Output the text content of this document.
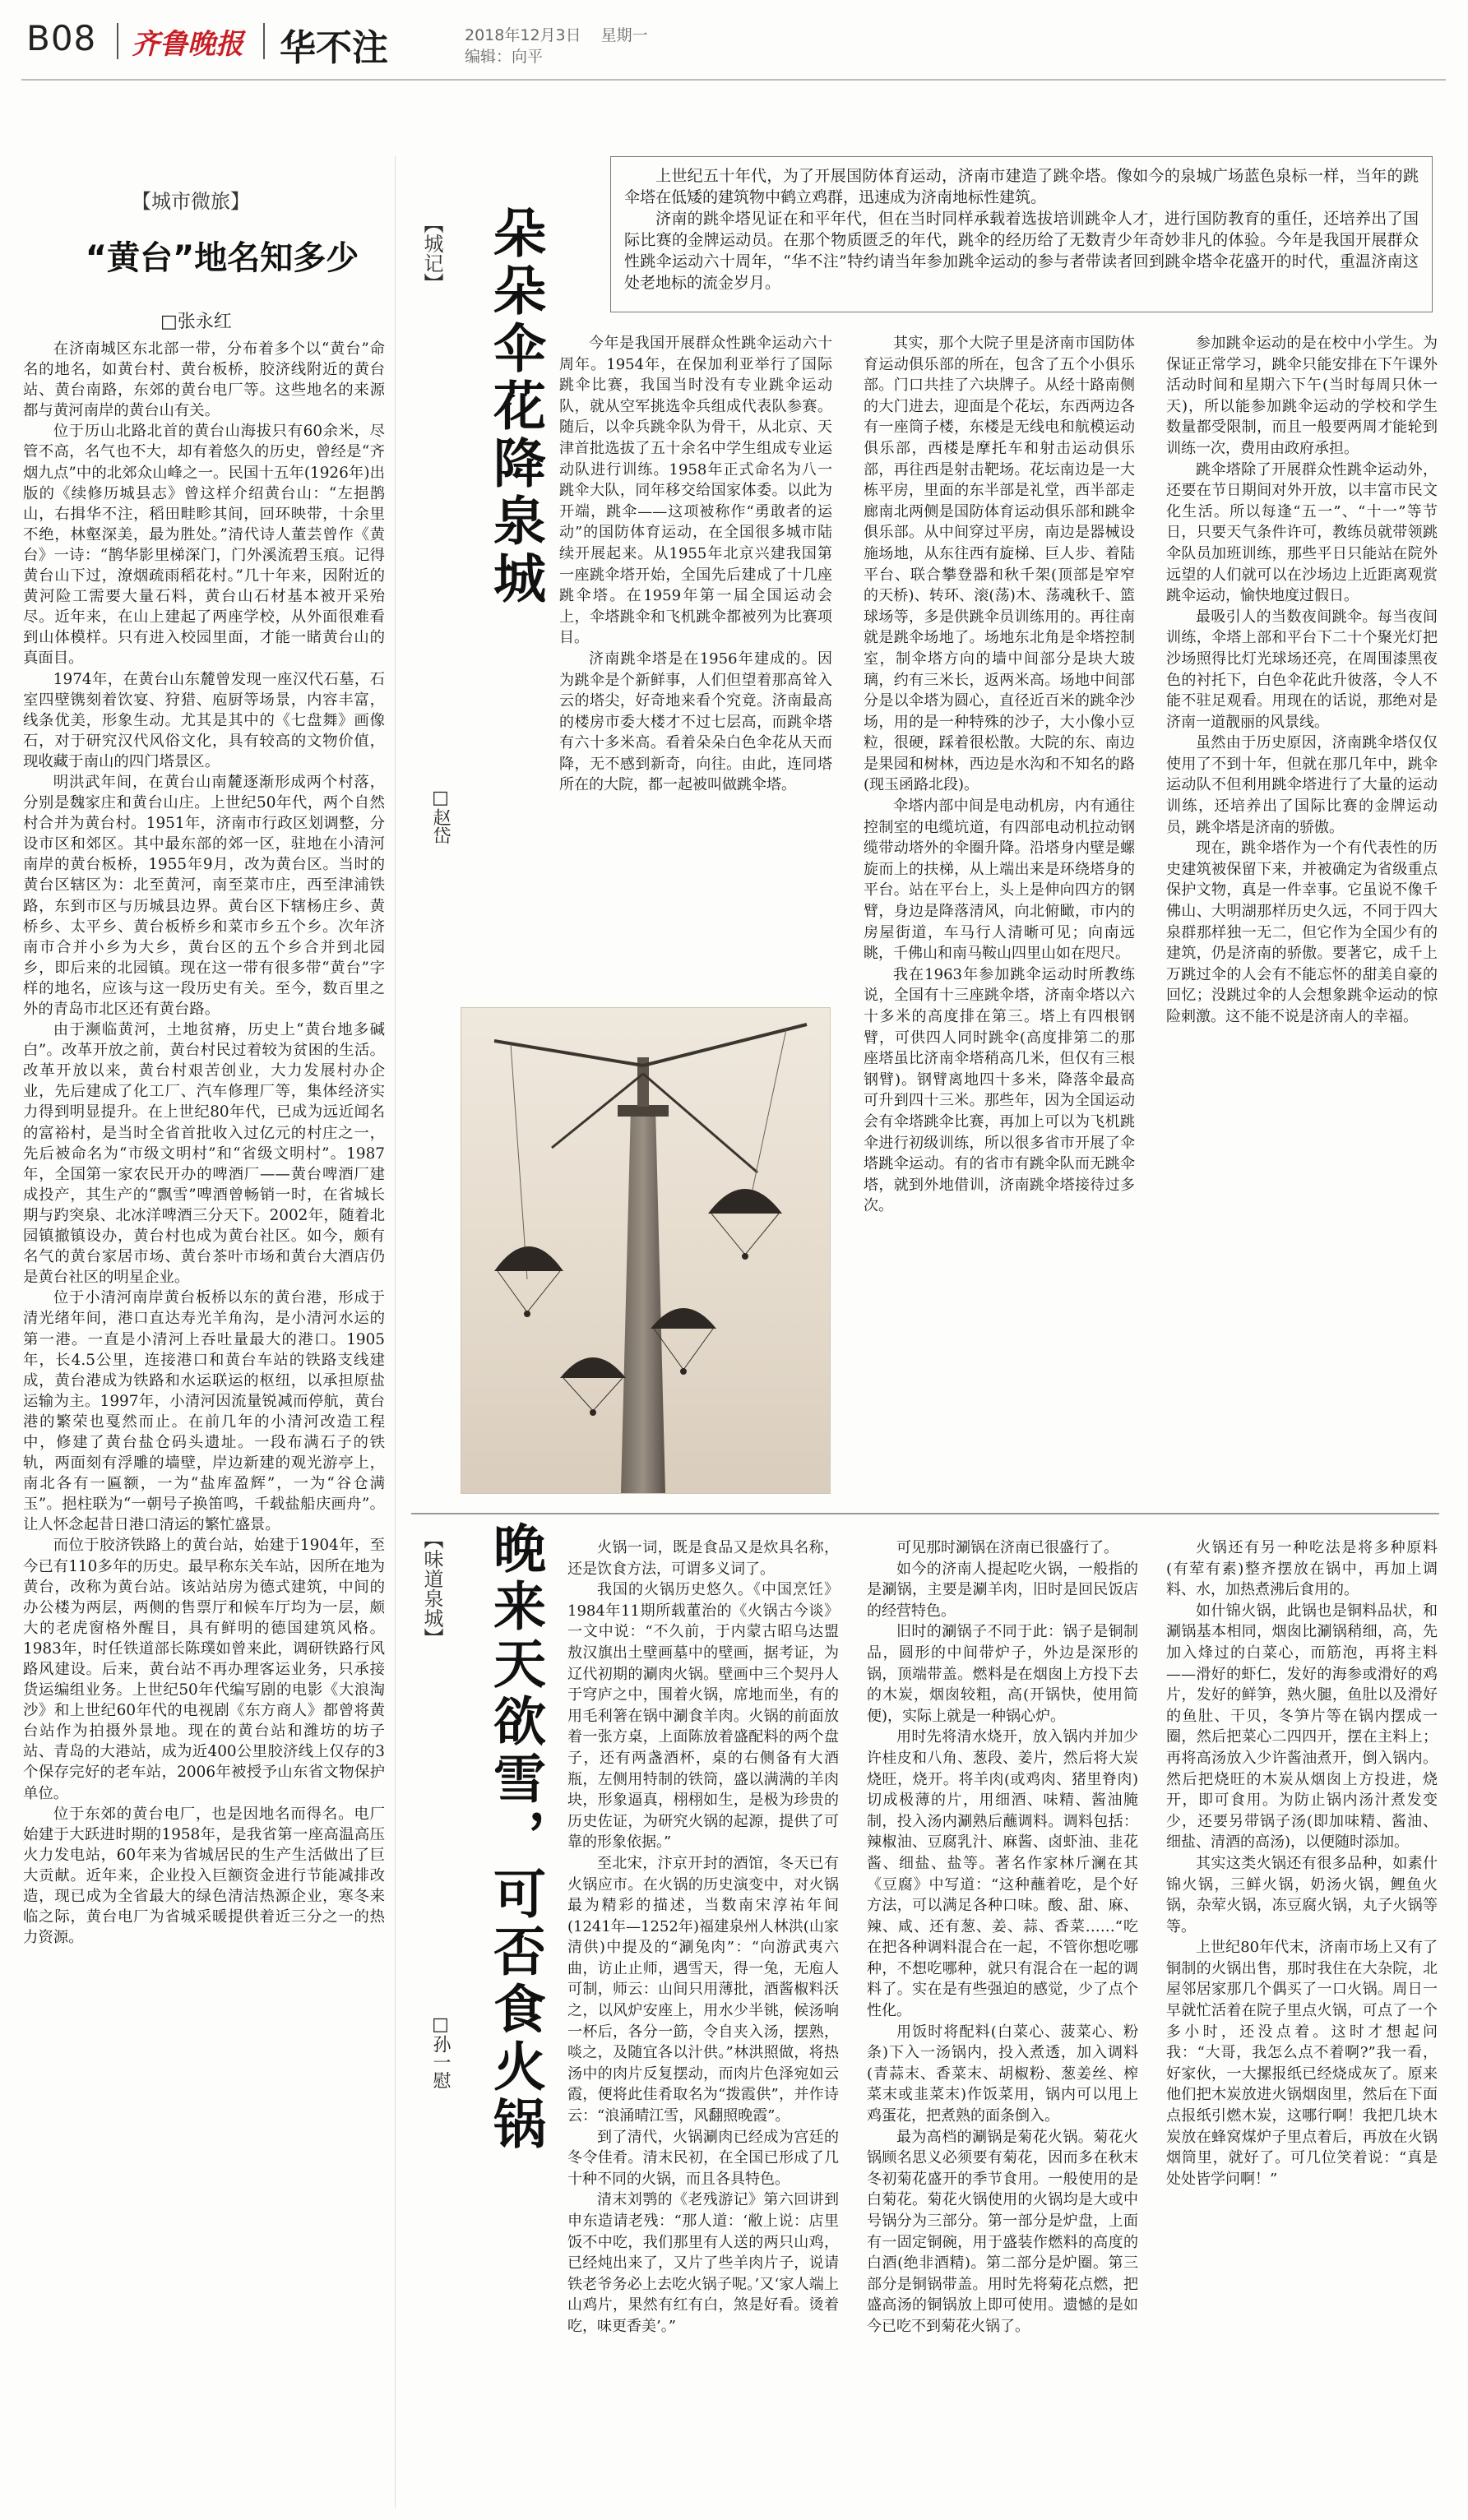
B08 齐鲁晚报 华不注	2018年12月3日 星期一
编辑：向平
【城市微旅】
“黄台”地名知多少
□张永红

在济南城区东北部一带，分布着多个以“黄台”命名的地名，如黄台村、黄台板桥，胶济线附近的黄台站、黄台南路，东郊的黄台电厂等。这些地名的来源都与黄河南岸的黄台山有关。

位于历山北路北首的黄台山海拔只有60余米，尽管不高，名气也不大，却有着悠久的历史，曾经是“齐烟九点”中的北郊众山峰之一。民国十五年(1926年)出版的《续修历城县志》曾这样介绍黄台山：“左挹鹊山，右揖华不注，稻田畦畛其间，回环映带，十余里不绝，林壑深美，最为胜处。”清代诗人董芸曾作《黄台》一诗：“鹊华影里梯深门，门外溪流碧玉痕。记得黄台山下过，潦烟疏雨稻花村。”几十年来，因附近的黄河险工需要大量石料，黄台山石材基本被开采殆尽。近年来，在山上建起了两座学校，从外面很难看到山体模样。只有进入校园里面，才能一睹黄台山的真面目。

1974年，在黄台山东麓曾发现一座汉代石墓，石室四壁镌刻着饮宴、狩猎、庖厨等场景，内容丰富，线条优美，形象生动。尤其是其中的《七盘舞》画像石，对于研究汉代风俗文化，具有较高的文物价值，现收藏于南山的四门塔景区。

明洪武年间，在黄台山南麓逐渐形成两个村落，分别是魏家庄和黄台山庄。上世纪50年代，两个自然村合并为黄台村。1951年，济南市行政区划调整，分设市区和郊区。其中最东部的郊一区，驻地在小清河南岸的黄台板桥，1955年9月，改为黄台区。当时的黄台区辖区为：北至黄河，南至菜市庄，西至津浦铁路，东到市区与历城县边界。黄台区下辖杨庄乡、黄桥乡、太平乡、黄台板桥乡和菜市乡五个乡。次年济南市合并小乡为大乡，黄台区的五个乡合并到北园乡，即后来的北园镇。现在这一带有很多带“黄台”字样的地名，应该与这一段历史有关。至今，数百里之外的青岛市北区还有黄台路。

由于濒临黄河，土地贫瘠，历史上“黄台地多碱白”。改革开放之前，黄台村民过着较为贫困的生活。改革开放以来，黄台村艰苦创业，大力发展村办企业，先后建成了化工厂、汽车修理厂等，集体经济实力得到明显提升。在上世纪80年代，已成为远近闻名的富裕村，是当时全省首批收入过亿元的村庄之一，先后被命名为“市级文明村”和“省级文明村”。1987年，全国第一家农民开办的啤酒厂——黄台啤酒厂建成投产，其生产的“飘雪”啤酒曾畅销一时，在省城长期与趵突泉、北冰洋啤酒三分天下。2002年，随着北园镇撤镇设办，黄台村也成为黄台社区。如今，颇有名气的黄台家居市场、黄台茶叶市场和黄台大酒店仍是黄台社区的明星企业。

位于小清河南岸黄台板桥以东的黄台港，形成于清光绪年间，港口直达寿光羊角沟，是小清河水运的第一港。一直是小清河上吞吐量最大的港口。1905年，长4.5公里，连接港口和黄台车站的铁路支线建成，黄台港成为铁路和水运联运的枢纽，以承担原盐运输为主。1997年，小清河因流量锐减而停航，黄台港的繁荣也戛然而止。在前几年的小清河改造工程中，修建了黄台盐仓码头遗址。一段布满石子的铁轨，两面刻有浮雕的墙壁，岸边新建的观光游亭上，南北各有一匾额，一为“盐库盈辉”，一为“谷仓满玉”。挹柱联为“一朝号子换笛鸣，千载盐船庆画舟”。让人怀念起昔日港口清运的繁忙盛景。

而位于胶济铁路上的黄台站，始建于1904年，至今已有110多年的历史。最早称东关车站，因所在地为黄台，改称为黄台站。该站站房为德式建筑，中间的办公楼为两层，两侧的售票厅和候车厅均为一层，颇大的老虎窗格外醒目，具有鲜明的德国建筑风格。1983年，时任铁道部长陈璞如曾来此，调研铁路行风路风建设。后来，黄台站不再办理客运业务，只承接货运编组业务。上世纪50年代编写剧的电影《大浪淘沙》和上世纪60年代的电视剧《东方商人》都曾将黄台站作为拍摄外景地。现在的黄台站和潍坊的坊子站、青岛的大港站，成为近400公里胶济线上仅存的3个保存完好的老车站，2006年被授予山东省文物保护单位。

位于东郊的黄台电厂，也是因地名而得名。电厂始建于大跃进时期的1958年，是我省第一座高温高压火力发电站，60年来为省城居民的生产生活做出了巨大贡献。近年来，企业投入巨额资金进行节能减排改造，现已成为全省最大的绿色清洁热源企业，寒冬来临之际，黄台电厂为省城采暖提供着近三分之一的热力资源。

上世纪五十年代，为了开展国防体育运动，济南市建造了跳伞塔。像如今的泉城广场蓝色泉标一样，当年的跳伞塔在低矮的建筑物中鹤立鸡群，迅速成为济南地标性建筑。

济南的跳伞塔见证在和平年代，但在当时同样承载着选拔培训跳伞人才，进行国防教育的重任，还培养出了国际比赛的金牌运动员。在那个物质匮乏的年代，跳伞的经历给了无数青少年奇妙非凡的体验。今年是我国开展群众性跳伞运动六十周年，“华不注”特约请当年参加跳伞运动的参与者带读者回到跳伞塔伞花盛开的时代，重温济南这处老地标的流金岁月。

【城记】 朵朵伞花降泉城
□赵岱

今年是我国开展群众性跳伞运动六十周年。1954年，在保加利亚举行了国际跳伞比赛，我国当时没有专业跳伞运动队，就从空军挑选伞兵组成代表队参赛。随后，以伞兵跳伞队为骨干，从北京、天津首批选拔了五十余名中学生组成专业运动队进行训练。1958年正式命名为八一跳伞大队，同年移交给国家体委。以此为开端，跳伞——这项被称作“勇敢者的运动”的国防体育运动，在全国很多城市陆续开展起来。从1955年北京兴建我国第一座跳伞塔开始，全国先后建成了十几座跳伞塔。在1959年第一届全国运动会上，伞塔跳伞和飞机跳伞都被列为比赛项目。

济南跳伞塔是在1956年建成的。因为跳伞是个新鲜事，人们但望着那高耸入云的塔尖，好奇地来看个究竟。济南最高的楼房市委大楼才不过七层高，而跳伞塔有六十多米高。看着朵朵白色伞花从天而降，无不感到新奇，向往。由此，连同塔所在的大院，都一起被叫做跳伞塔。

其实，那个大院子里是济南市国防体育运动俱乐部的所在，包含了五个小俱乐部。门口共挂了六块牌子。从经十路南侧的大门进去，迎面是个花坛，东西两边各有一座筒子楼，东楼是无线电和航模运动俱乐部，西楼是摩托车和射击运动俱乐部，再往西是射击靶场。花坛南边是一大栋平房，里面的东半部是礼堂，西半部走廊南北两侧是国防体育运动俱乐部和跳伞俱乐部。从中间穿过平房，南边是器械设施场地，从东往西有旋梯、巨人步、着陆平台、联合攀登器和秋千架(顶部是窄窄的天桥)、转环、滚(荡)木、荡魂秋千、篮球场等，多是供跳伞员训练用的。再往南就是跳伞场地了。场地东北角是伞塔控制室，制伞塔方向的墙中间部分是块大玻璃，约有三米长，返两米高。场地中间部分是以伞塔为圆心，直径近百米的跳伞沙场，用的是一种特殊的沙子，大小像小豆粒，很硬，踩着很松散。大院的东、南边是果园和树林，西边是水沟和不知名的路(现玉函路北段)。

伞塔内部中间是电动机房，内有通往控制室的电缆坑道，有四部电动机拉动钢缆带动塔外的伞圈升降。沿塔身内壁是螺旋而上的扶梯，从上端出来是环绕塔身的平台。站在平台上，头上是伸向四方的钢臂，身边是降落清风，向北俯瞰，市内的房屋街道，车马行人清晰可见；向南远眺，千佛山和南马鞍山四里山如在咫尺。

我在1963年参加跳伞运动时所教练说，全国有十三座跳伞塔，济南伞塔以六十多米的高度排在第三。塔上有四根钢臂，可供四人同时跳伞(高度排第二的那座塔虽比济南伞塔稍高几米，但仅有三根钢臂)。钢臂离地四十多米，降落伞最高可升到四十三米。那些年，因为全国运动会有伞塔跳伞比赛，再加上可以为飞机跳伞进行初级训练，所以很多省市开展了伞塔跳伞运动。有的省市有跳伞队而无跳伞塔，就到外地借训，济南跳伞塔接待过多次。

参加跳伞运动的是在校中小学生。为保证正常学习，跳伞只能安排在下午课外活动时间和星期六下午(当时每周只休一天)，所以能参加跳伞运动的学校和学生数量都受限制，而且一般要两周才能轮到训练一次，费用由政府承担。

跳伞塔除了开展群众性跳伞运动外，还要在节日期间对外开放，以丰富市民文化生活。所以每逢“五一”、“十一”等节日，只要天气条件许可，教练员就带领跳伞队员加班训练，那些平日只能站在院外远望的人们就可以在沙场边上近距离观赏跳伞运动，愉快地度过假日。

最吸引人的当数夜间跳伞。每当夜间训练，伞塔上部和平台下二十个聚光灯把沙场照得比灯光球场还亮，在周围漆黑夜色的衬托下，白色伞花此升彼落，令人不能不驻足观看。用现在的话说，那绝对是济南一道靓丽的风景线。

虽然由于历史原因，济南跳伞塔仅仅使用了不到十年，但就在那几年中，跳伞运动队不但利用跳伞塔进行了大量的运动训练，还培养出了国际比赛的金牌运动员，跳伞塔是济南的骄傲。

现在，跳伞塔作为一个有代表性的历史建筑被保留下来，并被确定为省级重点保护文物，真是一件幸事。它虽说不像千佛山、大明湖那样历史久远，不同于四大泉群那样独一无二，但它作为全国少有的建筑，仍是济南的骄傲。要著它，成千上万跳过伞的人会有不能忘怀的甜美自豪的回忆；没跳过伞的人会想象跳伞运动的惊险刺激。这不能不说是济南人的幸福。

【味道泉城】 晚来天欲雪，可否食火锅
□孙一慰

火锅一词，既是食品又是炊具名称，还是饮食方法，可谓多义词了。

我国的火锅历史悠久。《中国烹饪》1984年11期所载董治的《火锅古今谈》一文中说：“不久前，于内蒙古昭乌达盟敖汉旗出土壁画墓中的壁画，据考证，为辽代初期的涮肉火锅。壁画中三个契丹人于穹庐之中，围着火锅，席地而坐，有的用毛利箸在锅中涮食羊肉。火锅的前面放着一张方桌，上面陈放着盛配料的两个盘子，还有两盏酒杯，桌的右侧备有大酒瓶，左侧用特制的铁筒，盛以满满的羊肉块，形象逼真，栩栩如生，是极为珍贵的历史佐证，为研究火锅的起源，提供了可靠的形象依据。”

至北宋，汴京开封的酒馆，冬天已有火锅应市。在火锅的历史演变中，对火锅最为精彩的描述，当数南宋淳祐年间(1241年—1252年)福建泉州人林洪(山家清供)中提及的“涮兔肉”：“向游武夷六曲，访止止师，遇雪天，得一兔，无庖人可制，师云：山间只用薄批，酒酱椒料沃之，以风炉安座上，用水少半铫，候汤响一杯后，各分一筯，令自夹入汤，摆熟，啖之，及随宜各以汁供。”林洪照做，将热汤中的肉片反复摆动，而肉片色泽宛如云霞，便将此佳肴取名为“拨霞供”，并作诗云：“浪涌晴江雪，风翻照晚霞”。

到了清代，火锅涮肉已经成为宫廷的冬令佳肴。清末民初，在全国已形成了几十种不同的火锅，而且各具特色。

清末刘鹗的《老残游记》第六回讲到申东造请老残：“那人道：‘敝上说：店里饭不中吃，我们那里有人送的两只山鸡，已经炖出来了，又片了些羊肉片子，说请铁老爷务必上去吃火锅子呢。’又‘家人端上山鸡片，果然有红有白，煞是好看。烫着吃，味更香美’。”

可见那时涮锅在济南已很盛行了。

如今的济南人提起吃火锅，一般指的是涮锅，主要是涮羊肉，旧时是回民饭店的经营特色。

旧时的涮锅子不同于此：锅子是铜制品，圆形的中间带炉子，外边是深形的锅，顶端带盖。燃料是在烟囱上方投下去的木炭，烟囱较粗，高(开锅快，使用简便)，实际上就是一种锅心炉。

用时先将清水烧开，放入锅内并加少许桂皮和八角、葱段、姜片，然后将大炭烧旺，烧开。将羊肉(或鸡肉、猪里脊肉)切成极薄的片，用细酒、味精、酱油腌制，投入汤内涮熟后蘸调料。调料包括：辣椒油、豆腐乳汁、麻酱、卤虾油、韭花酱、细盐、盐等。著名作家林斤澜在其《豆腐》中写道：“这种蘸着吃，是个好方法，可以满足各种口味。酸、甜、麻、辣、咸、还有葱、姜、蒜、香菜……“吃在把各种调料混合在一起，不管你想吃哪种，不想吃哪种，就只有混合在一起的调料了。实在是有些强迫的感觉，少了点个性化。

用饭时将配料(白菜心、菠菜心、粉条)下入一汤锅内，投入煮透，加入调料(青蒜末、香菜末、胡椒粉、葱姜丝、榨菜末或韭菜末)作饭菜用，锅内可以甩上鸡蛋花，把煮熟的面条倒入。

最为高档的涮锅是菊花火锅。菊花火锅顾名思义必须要有菊花，因而多在秋末冬初菊花盛开的季节食用。一般使用的是白菊花。菊花火锅使用的火锅均是大或中号锅分为三部分。第一部分是炉盘，上面有一固定铜碗，用于盛装作燃料的高度的白酒(绝非酒精)。第二部分是炉圈。第三部分是铜锅带盖。用时先将菊花点燃，把盛高汤的铜锅放上即可使用。遗憾的是如今已吃不到菊花火锅了。

火锅还有另一种吃法是将多种原料(有荤有素)整齐摆放在锅中，再加上调料、水，加热煮沸后食用的。

如什锦火锅，此锅也是铜料品状，和涮锅基本相同，烟囱比涮锅稍细，高，先加入烽过的白菜心，而筋泡，再将主料——滑好的虾仁，发好的海参或滑好的鸡片，发好的鲜笋，熟火腿，鱼肚以及滑好的鱼肚、干贝，冬笋片等在锅内摆成一圈，然后把菜心二四四开，摆在主料上；再将高汤放入少许酱油煮开，倒入锅内。然后把烧旺的木炭从烟囱上方投进，烧开，即可食用。为防止锅内汤汁煮发变少，还要另带锅子汤(即加味精、酱油、细盐、清酒的高汤)，以便随时添加。

其实这类火锅还有很多品种，如素什锦火锅，三鲜火锅，奶汤火锅，鲤鱼火锅，杂荤火锅，冻豆腐火锅，丸子火锅等等。

上世纪80年代末，济南市场上又有了铜制的火锅出售，那时我住在大杂院，北屋邻居家那几个偶买了一口火锅。周日一早就忙活着在院子里点火锅，可点了一个多小时，还没点着。这时才想起问我：“大哥，我怎么点不着啊?”我一看，好家伙，一大摞报纸已经烧成灰了。原来他们把木炭放进火锅烟囱里，然后在下面点报纸引燃木炭，这哪行啊！我把几块木炭放在蜂窝煤炉子里点着后，再放在火锅烟筒里，就好了。可几位笑着说：“真是处处皆学问啊！”
